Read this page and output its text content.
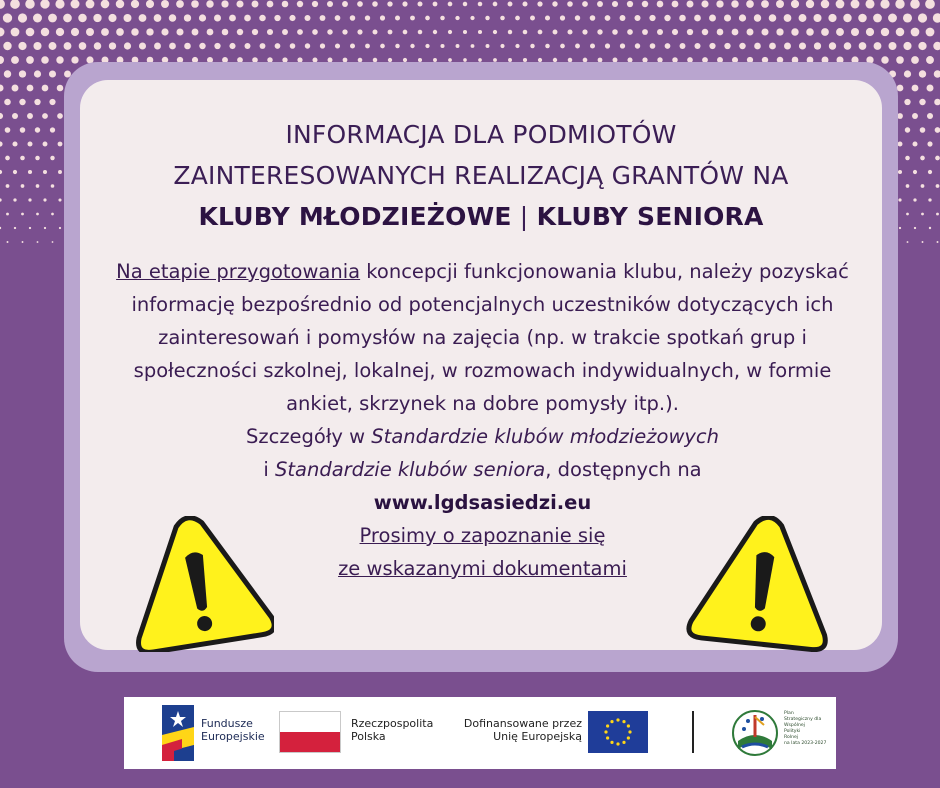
INFORMACJA DLA PODMIOTÓW
ZAINTERESOWANYCH REALIZACJĄ GRANTÓW NA
KLUBY MŁODZIEŻOWE | KLUBY SENIORA
Na etapie przygotowania koncepcji funkcjonowania klubu, należy pozyskać informację bezpośrednio od potencjalnych uczestników dotyczących ich zainteresowań i pomysłów na zajęcia (np. w trakcie spotkań grup i społeczności szkolnej, lokalnej, w rozmowach indywidualnych, w formie ankiet, skrzynek na dobre pomysły itp.).
Szczegóły w Standardzie klubów młodzieżowych
i Standardzie klubów seniora, dostępnych na
www.lgdsasiedzi.eu
Prosimy o zapoznanie się
ze wskazanymi dokumentami
Fundusze
Europejskie
Rzeczpospolita
Polska
Dofinansowane przez
Unię Europejską
Plan
Strategiczny dla
Wspólnej
Polityki
Rolnej
na lata 2023-2027
